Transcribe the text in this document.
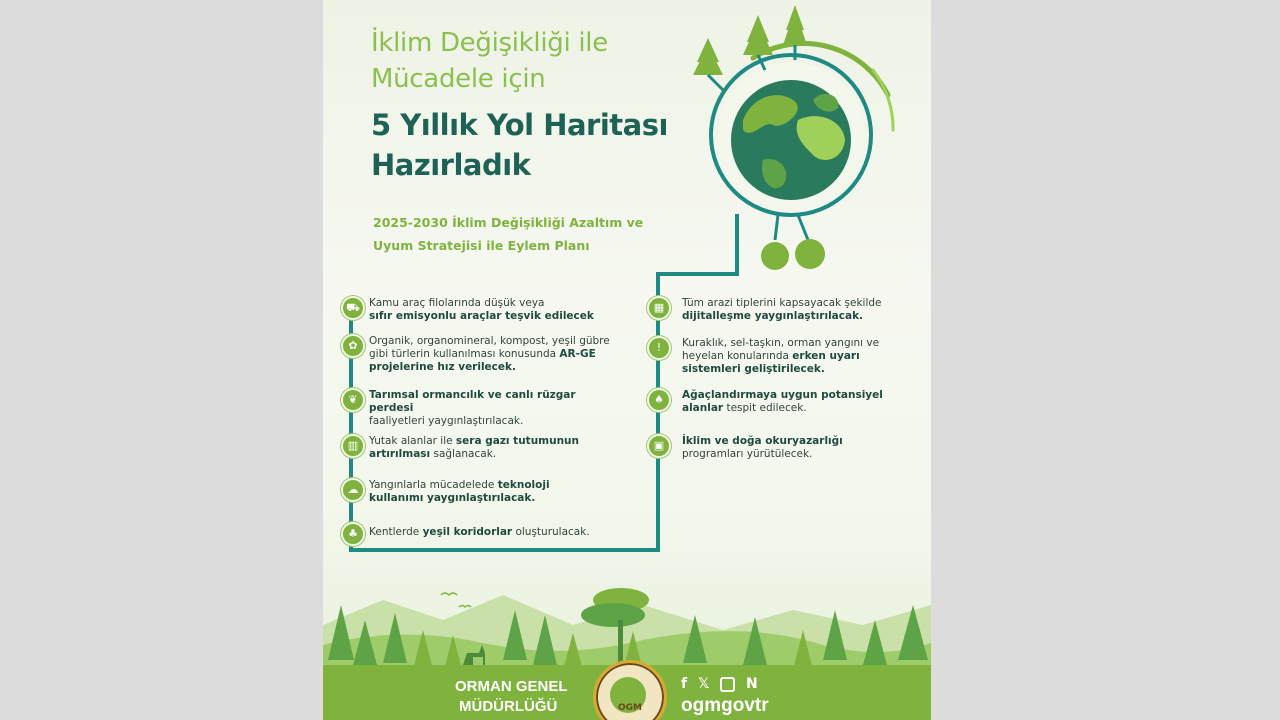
İklim Değişikliği ile
Mücadele için
5 Yıllık Yol Haritası
Hazırladık
2025-2030 İklim Değişikliği Azaltım ve
Uyum Stratejisi ile Eylem Planı
⛟ Kamu araç filolarında düşük veya
sıfır emisyonlu araçlar teşvik edilecek
✿	Organik, organomineral, kompost, yeşil gübre gibi türlerin kullanılması konusunda AR-GE projelerine hız verilecek.
❦	Tarımsal ormancılık ve canlı rüzgar perdesi
faaliyetleri yaygınlaştırılacak.
▥	Yutak alanlar ile sera gazı tutumunun artırılması sağlanacak.
☁	Yangınlarla mücadelede teknoloji kullanımı yaygınlaştırılacak.
♣	Kentlerde yeşil koridorlar oluşturulacak.
▦	Tüm arazi tiplerini kapsayacak şekilde dijitalleşme yaygınlaştırılacak.
!	Kuraklık, sel-taşkın, orman yangını ve heyelan konularında erken uyarı sistemleri geliştirilecek.
♠	Ağaçlandırmaya uygun potansiyel alanlar tespit edilecek.
▣	İklim ve doğa okuryazarlığı
programları yürütülecek.
ORMAN GENEL
MÜDÜRLÜĞÜ	OGM
f 𝕏	N
ogmgovtr
